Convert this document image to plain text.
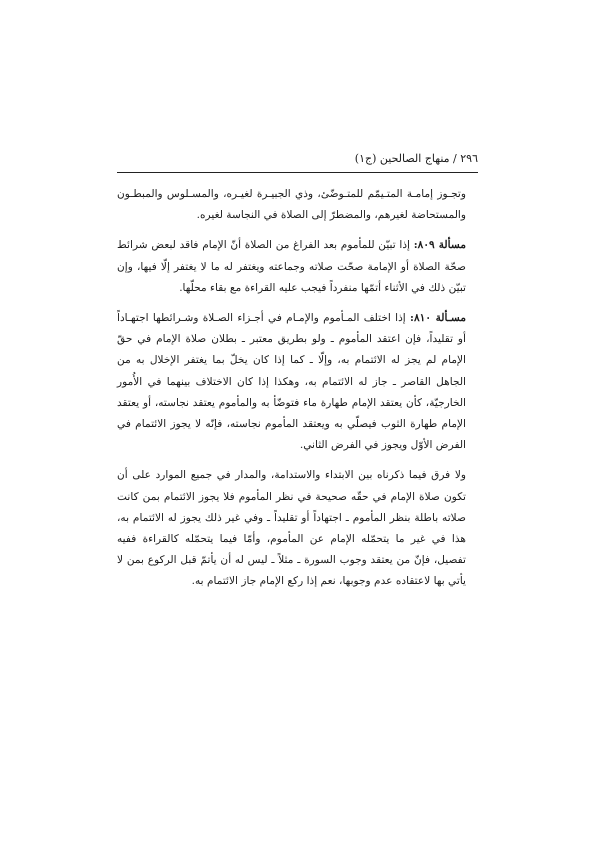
٢٩٦ / منهاج الصالحين (ج١)

وتجـوز إمامـة المتـيمّم للمتـوضّئ، وذي الجبيـرة لغيـره، والمسـلوس والمبطـون والمستحاضة لغيرهم، والمضطرّ إلى الصلاة في النجاسة لغيره.

مسألة ٨٠٩: إذا تبيّن للمأموم بعد الفراغ من الصلاة أنّ الإمام فاقد لبعض شرائط صحّة الصلاة أو الإمامة صحّت صلاته وجماعته ويغتفر له ما لا يغتفر إلّا فيها، وإن تبيّن ذلك في الأثناء أتمّها منفرداً فيجب عليه القراءة مع بقاء محلّها.

مسـألة ٨١٠: إذا اختلف المـأموم والإمـام في أجـزاء الصـلاة وشـرائطها اجتهـاداً أو تقليداً، فإن اعتقد المأموم ـ ولو بطريق معتبر ـ بطلان صلاة الإمام في حقّ الإمام لم يجز له الائتمام به، وإلّا ـ كما إذا كان يخلّ بما يغتفر الإخلال به من الجاهل القاصر ـ جاز له الائتمام به، وهكذا إذا كان الاختلاف بينهما في الأُمور الخارجيّة، كأن يعتقد الإمام طهارة ماء فتوضّأ به والمأموم يعتقد نجاسته، أو يعتقد الإمام طهارة الثوب فيصلّي به ويعتقد المأموم نجاسته، فإنّه لا يجوز الائتمام في الفرض الأوّل ويجوز في الفرض الثاني.

ولا فرق فيما ذكرناه بين الابتداء والاستدامة، والمدار في جميع الموارد على أن تكون صلاة الإمام في حقّه صحيحة في نظر المأموم فلا يجوز الائتمام بمن كانت صلاته باطلة بنظر المأموم ـ اجتهاداً أو تقليداً ـ وفي غير ذلك يجوز له الائتمام به، هذا في غير ما يتحمّله الإمام عن المأموم، وأمّا فيما يتحمّله كالقراءة ففيه تفصيل، فإنّ من يعتقد وجوب السورة ـ مثلاً ـ ليس له أن يأتمّ قبل الركوع بمن لا يأتي بها لاعتقاده عدم وجوبها، نعم إذا ركع الإمام جاز الائتمام به.
